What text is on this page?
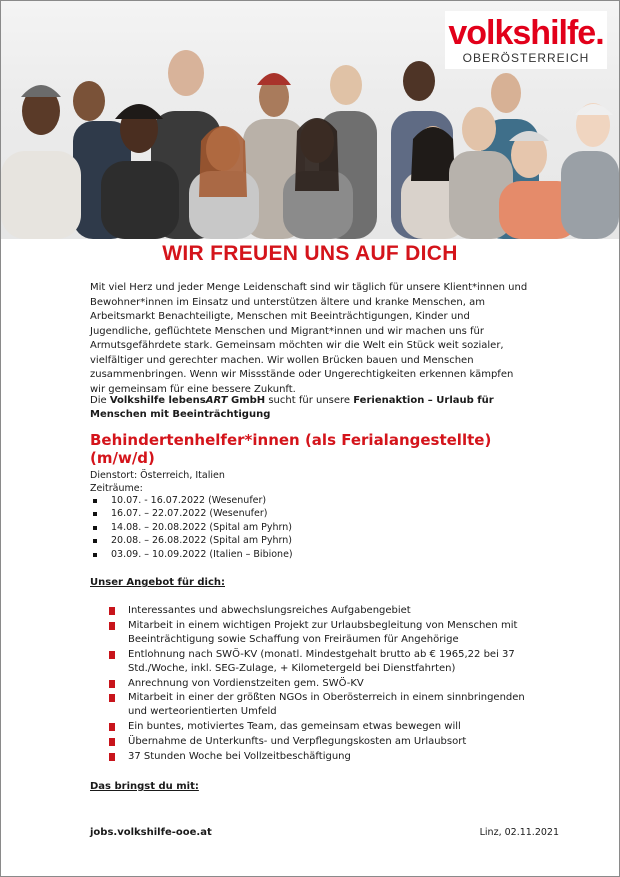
volkshilfe.
OBERÖSTERREICH
WIR FREUEN UNS AUF DICH
Mit viel Herz und jeder Menge Leidenschaft sind wir täglich für unsere Klient*innen und Bewohner*innen im Einsatz und unterstützen ältere und kranke Menschen, am Arbeitsmarkt Benachteiligte, Menschen mit Beeinträchtigungen, Kinder und Jugendliche, geflüchtete Menschen und Migrant*innen und wir machen uns für Armutsgefährdete stark. Gemeinsam möchten wir die Welt ein Stück weit sozialer, vielfältiger und gerechter machen. Wir wollen Brücken bauen und Menschen zusammenbringen. Wenn wir Missstände oder Ungerechtigkeiten erkennen kämpfen wir gemeinsam für eine bessere Zukunft.
Die Volkshilfe lebensART GmbH sucht für unsere Ferienaktion – Urlaub für Menschen mit Beeinträchtigung
Behindertenhelfer*innen (als Ferialangestellte) (m/w/d)
Dienstort: Österreich, Italien
Zeiträume:
10.07. - 16.07.2022 (Wesenufer)
16.07. – 22.07.2022 (Wesenufer)
14.08. – 20.08.2022 (Spital am Pyhrn)
20.08. – 26.08.2022 (Spital am Pyhrn)
03.09. – 10.09.2022 (Italien – Bibione)
Unser Angebot für dich:
Interessantes und abwechslungsreiches Aufgabengebiet
Mitarbeit in einem wichtigen Projekt zur Urlaubsbegleitung von Menschen mit Beeinträchtigung sowie Schaffung von Freiräumen für Angehörige
Entlohnung nach SWÖ-KV (monatl. Mindestgehalt brutto ab € 1965,22 bei 37 Std./Woche, inkl. SEG-Zulage, + Kilometergeld bei Dienstfahrten)
Anrechnung von Vordienstzeiten gem. SWÖ-KV
Mitarbeit in einer der größten NGOs in Oberösterreich in einem sinnbringenden und werteorientierten Umfeld
Ein buntes, motiviertes Team, das gemeinsam etwas bewegen will
Übernahme de Unterkunfts- und Verpflegungskosten am Urlaubsort
37 Stunden Woche bei Vollzeitbeschäftigung
Das bringst du mit:
jobs.volkshilfe-ooe.at	Linz, 02.11.2021
